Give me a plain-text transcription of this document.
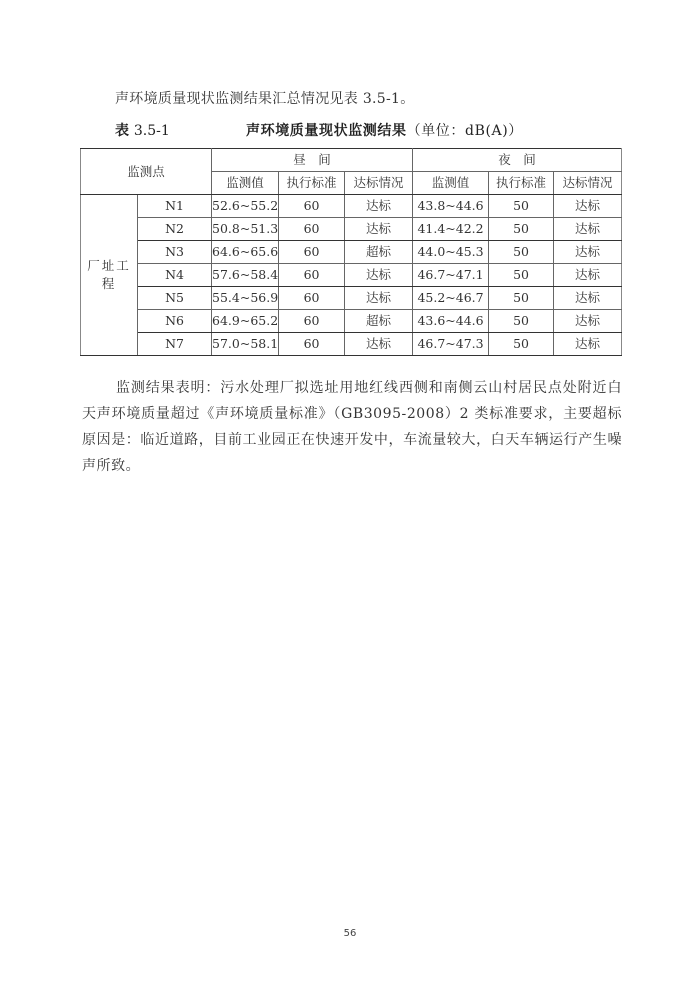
声环境质量现状监测结果汇总情况见表 3.5-1。
表 3.5-1	声环境质量现状监测结果（单位：dB(A)）
监测点		昼　间			夜　间		
		监测值	执行标准	达标情况	监测值	执行标准	达标情况
厂址工
程	N1	52.6~55.2	60	达标	43.8~44.6	50	达标
	N2	50.8~51.3	60	达标	41.4~42.2	50	达标
	N3	64.6~65.6	60	超标	44.0~45.3	50	达标
	N4	57.6~58.4	60	达标	46.7~47.1	50	达标
	N5	55.4~56.9	60	达标	45.2~46.7	50	达标
	N6	64.9~65.2	60	超标	43.6~44.6	50	达标
	N7	57.0~58.1	60	达标	46.7~47.3	50	达标

监测结果表明：污水处理厂拟选址用地红线西侧和南侧云山村居民点处附近白天声环境质量超过《声环境质量标准》（GB3095-2008）2 类标准要求，主要超标原因是：临近道路，目前工业园正在快速开发中，车流量较大，白天车辆运行产生噪声所致。

56
